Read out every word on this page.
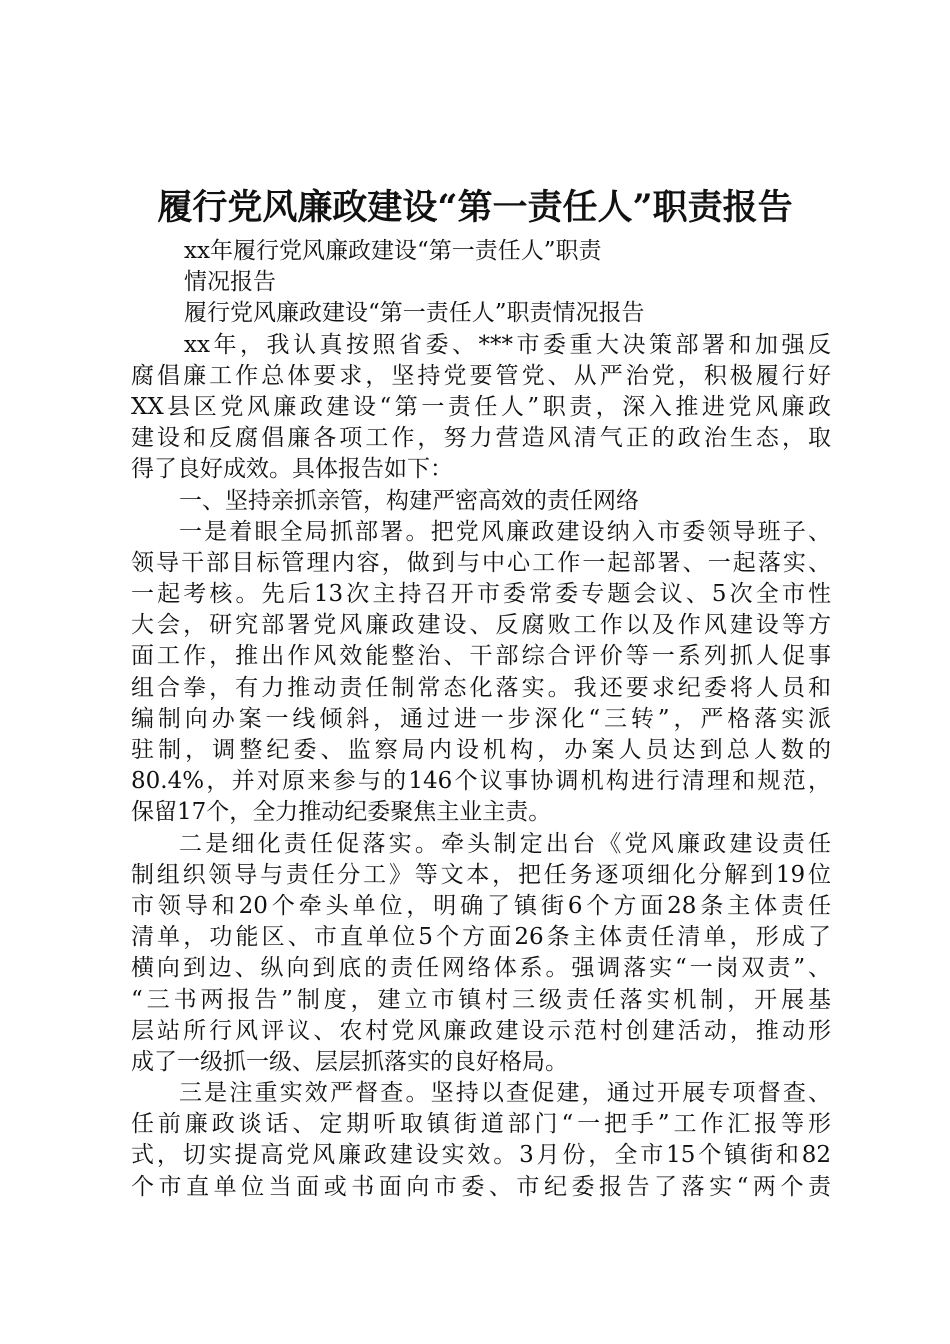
履行党风廉政建设“第一责任人”职责报告
xx年履行党风廉政建设“第一责任人”职责
情况报告
履行党风廉政建设“第一责任人”职责情况报告
xx年，我认真按照省委、***市委重大决策部署和加强反
腐倡廉工作总体要求，坚持党要管党、从严治党，积极履行好
XX县区党风廉政建设“第一责任人”职责，深入推进党风廉政
建设和反腐倡廉各项工作，努力营造风清气正的政治生态，取
得了良好成效。具体报告如下：
一、坚持亲抓亲管，构建严密高效的责任网络
一是着眼全局抓部署。把党风廉政建设纳入市委领导班子、
领导干部目标管理内容，做到与中心工作一起部署、一起落实、
一起考核。先后13次主持召开市委常委专题会议、5次全市性
大会，研究部署党风廉政建设、反腐败工作以及作风建设等方
面工作，推出作风效能整治、干部综合评价等一系列抓人促事
组合拳，有力推动责任制常态化落实。我还要求纪委将人员和
编制向办案一线倾斜，通过进一步深化“三转”，严格落实派
驻制，调整纪委、监察局内设机构，办案人员达到总人数的
80.4%，并对原来参与的146个议事协调机构进行清理和规范，
保留17个，全力推动纪委聚焦主业主责。
二是细化责任促落实。牵头制定出台《党风廉政建设责任
制组织领导与责任分工》等文本，把任务逐项细化分解到19位
市领导和20个牵头单位，明确了镇街6个方面28条主体责任
清单，功能区、市直单位5个方面26条主体责任清单，形成了
横向到边、纵向到底的责任网络体系。强调落实“一岗双责”、
“三书两报告”制度，建立市镇村三级责任落实机制，开展基
层站所行风评议、农村党风廉政建设示范村创建活动，推动形
成了一级抓一级、层层抓落实的良好格局。
三是注重实效严督查。坚持以查促建，通过开展专项督查、
任前廉政谈话、定期听取镇街道部门“一把手”工作汇报等形
式，切实提高党风廉政建设实效。3月份，全市15个镇街和82
个市直单位当面或书面向市委、市纪委报告了落实“两个责
